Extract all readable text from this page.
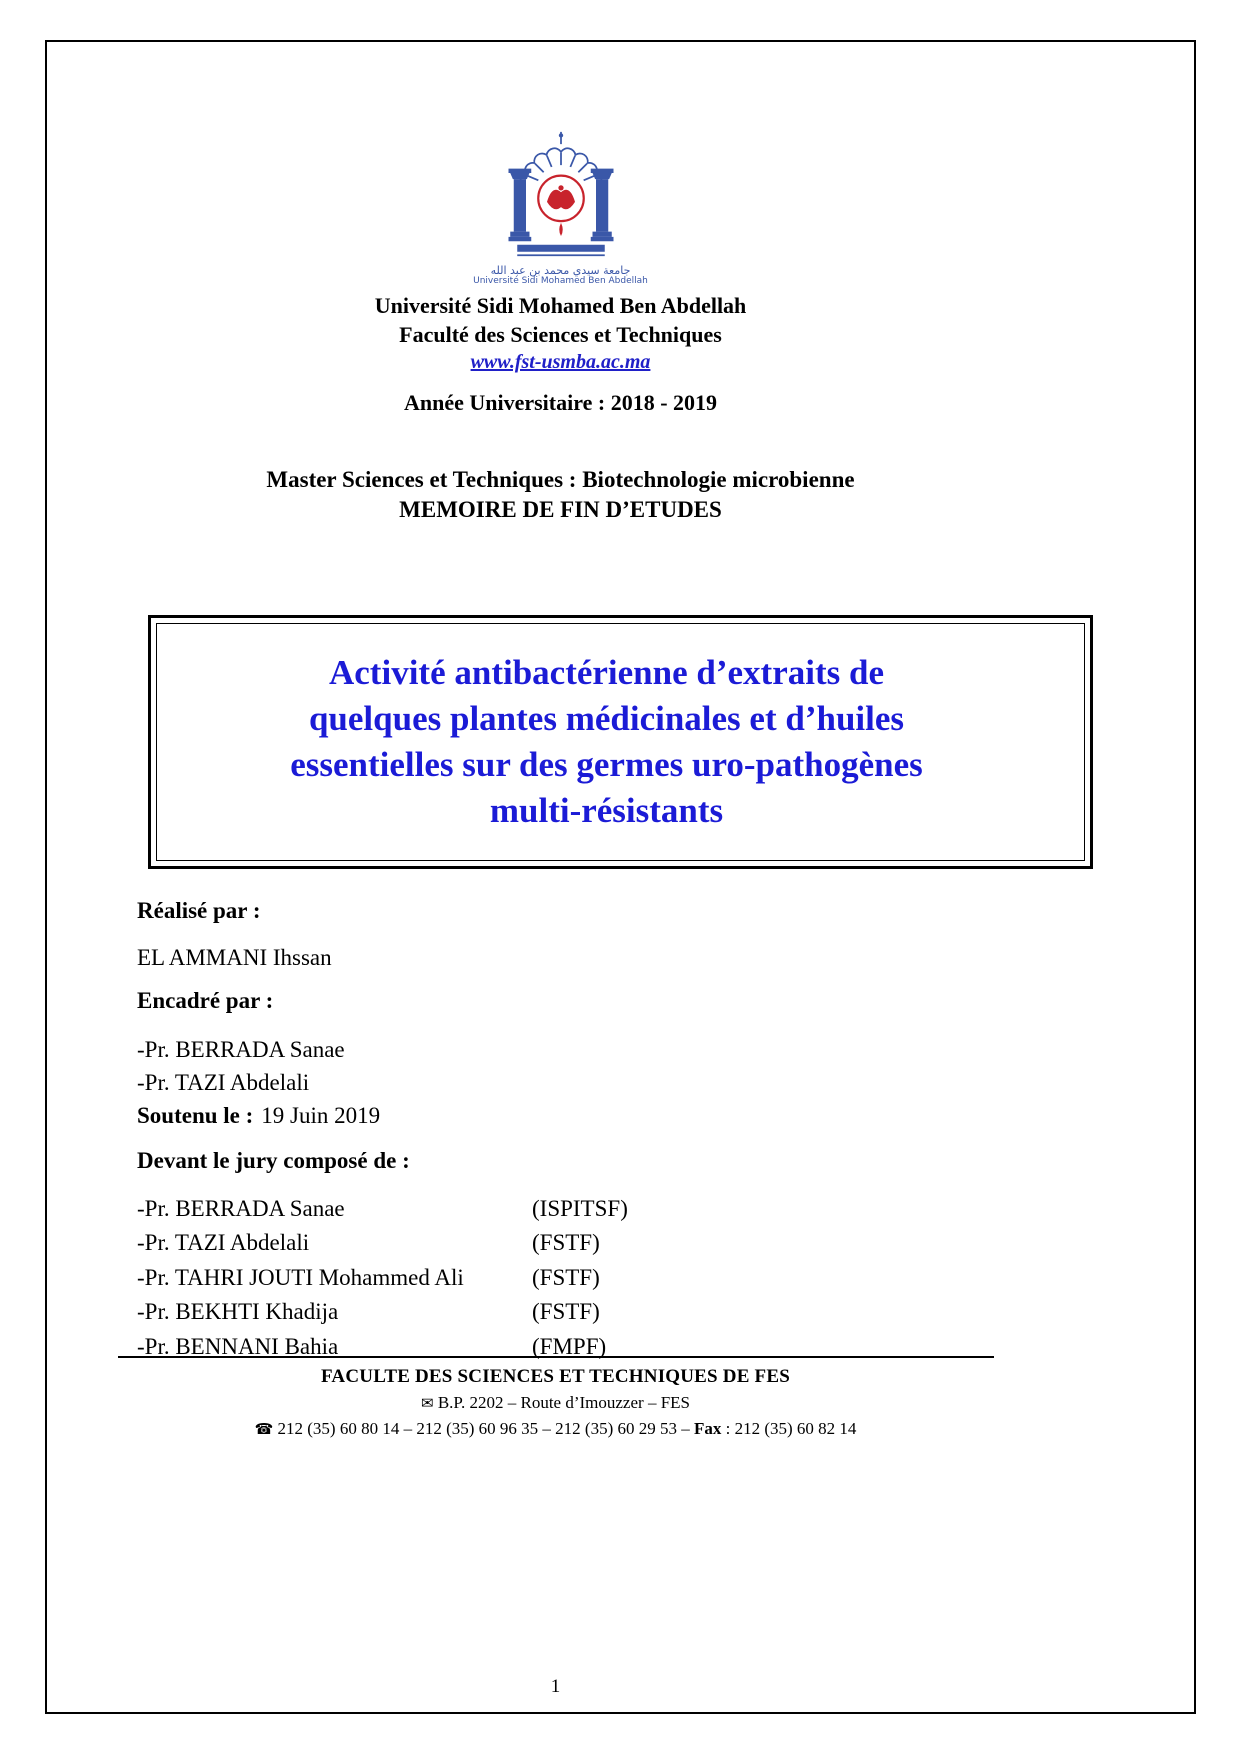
جامعة سيدي محمد بن عبد الله
Université Sidi Mohamed Ben Abdellah
Université Sidi Mohamed Ben Abdellah
Faculté des Sciences et Techniques
www.fst-usmba.ac.ma
Année Universitaire : 2018 - 2019
Master Sciences et Techniques : Biotechnologie microbienne
MEMOIRE DE FIN D’ETUDES
Activité antibactérienne d’extraits de
quelques plantes médicinales et d’huiles
essentielles sur des germes uro-pathogènes
multi-résistants
Réalisé par :
EL AMMANI Ihssan
Encadré par :
-Pr. BERRADA Sanae
-Pr. TAZI Abdelali
Soutenu le : 19 Juin 2019
Devant le jury composé de :
-Pr. BERRADA Sanae	(ISPITSF)
-Pr. TAZI Abdelali	(FSTF)
-Pr. TAHRI JOUTI Mohammed Ali	(FSTF)
-Pr. BEKHTI Khadija	(FSTF)
-Pr. BENNANI Bahia	(FMPF)
FACULTE DES SCIENCES ET TECHNIQUES DE FES
✉ B.P. 2202 – Route d’Imouzzer – FES
☎ 212 (35) 60 80 14 – 212 (35) 60 96 35 – 212 (35) 60 29 53 – Fax : 212 (35) 60 82 14
1
